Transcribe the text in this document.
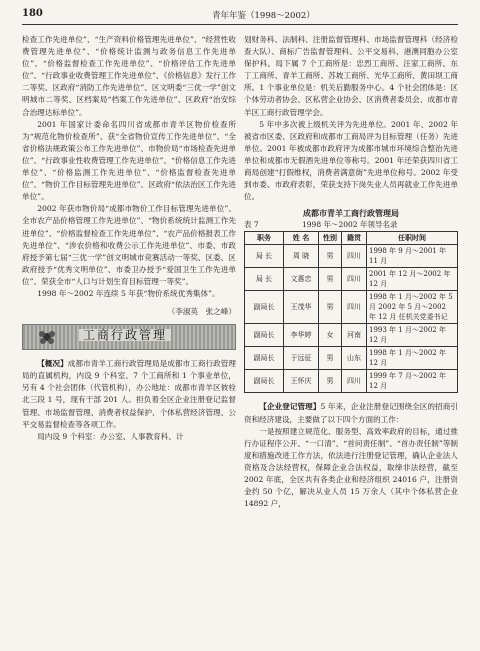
180	青年年鉴（1998～2002）

检查工作先进单位”、“生产资料价格管理先进单位”、“经营性收费管理先进单位”、“价格统计监测与政务信息工作先进单位”、“价格监督检查工作先进单位”、“价格评估工作先进单位”、“行政事业收费管理工作先进单位”、《价格信息》发行工作二等奖、区政府“消防工作先进单位”、区文明委“三优一学”创文明城市二等奖、区档案局“档案工作先进单位”、区政府“治安综合治理达标单位”。

2001 年国家计委命名四川省成都市青羊区物价检查所为“规范化物价检查所”、获“全省物价宣传工作先进单位”、“全省价格法规政策公布工作先进单位”、市物价局“市场检查先进单位”、“行政事业性收费管理工作先进单位”、“价格信息工作先进单位”、“价格监测工作先进单位”、“价格监督检查先进单位”、“物价工作目标管理先进单位”、区政府“依法治区工作先进单位”。

2002 年获市物价局“成都市物价工作目标管理先进单位”、全市农产品价格管理工作先进单位”、“物价系统统计监测工作先进单位”、“价格监督检查工作先进单位”、“农产品价格报表工作先进单位”、“涉农价格和收费公示工作先进单位”、市委、市政府授予第七届“三优一学”创文明城市竞赛活动一等奖、区委、区政府授予“优秀文明单位”、市委卫办授予“爱国卫生工作先进单位”、荣获全市“人口与计划生育目标管理一等奖”。

1998 年～2002 年连续 5 年获“物价系统优秀集体”。

（李淑英　张之峰）
工商行政管理

【概况】成都市青羊工商行政管理局是成都市工商行政管理局的直属机构，内设 9 个科室、7 个工商所和 1 个事业单位，另有 4 个社会团体（代管机构），办公地址：成都市青羊区彼栓北三段 1 号，现有干部 201 人。担负着全区企业注册登记监督管理、市场监督管理、消费者权益保护、个体私营经济管理、公平交易监督检查等各项工作。

局内设 9 个科室：办公室、人事教育科、计

划财务科、法制科、注册监督管理科、市场监督管理科（经济检查大队）、商标广告监督管理科、公平交易科、港澳同胞办公室保护科。局下属 7 个工商所是：忠烈工商所、汪家工商所、东丁工商所、青羊工商所、苏坡工商所、光华工商所、黄田坝工商所。1 个事业单位是：机关后勤服务中心。4 个社会团体是：区个体劳动者协会、区私营企业协会、区消费者委员会、成都市青羊区工商行政管理学会。

5 年中多次被上级机关评为先进单位。2001 年、2002 年被省市区委、区政府和成都市工商局评为目标管理（任务）先进单位。2001 年被成都市政府评为成都市城市环境综合整治先进单位和成都市无假酒先进单位等称号。2001 年还荣获四川省工商局创建“打假维权，消费者满意街”先进单位称号。2002 年受到市委、市政府表彰，荣获支持下岗失业人员再就业工作先进单位。

成都市青羊工商行政管理局
表 7	1998 年～2002 年领导名录
职务	姓 名	性别	籍贯	任职时间
局 长	周 晓	男	四川	1998 年 9 月～2001 年 11 月
局 长	文惠忠	男	四川	2001 年 12 月～2002 年 12 月
副局长	王茂华	男	四川	1998 年 1 月～2002 年 5 月 2002 年 5 月～2002 年 12 月 任机关党委书记
副局长	李华婷	女	河南	1993 年 1 月～2002 年 12 月
副局长	于远征	男	山东	1998 年 1 月～2002 年 12 月
副局长	王怀庆	男	四川	1999 年 7 月～2002 年 12 月

【企业登记管理】5 年来，企业注册登记围绕全区的招商引资和经济建设，主要做了以下四个方面的工作：

一是按照建立规范化、服务型、高效率政府的目标，通过推行办证程序公开、“一口清”、“首问责任制”、“首办责任制”等制度和措施改进工作方法，依法进行注册登记管理，确认企业法人资格及合法经营权，保障企业合法权益，取缔非法经营，截至 2002 年底，全区共有各类企业和经济组织 24016 户，注册资金约 50 个亿，解决从业人员 15 万余人（其中个体私营企业 14892 户，
